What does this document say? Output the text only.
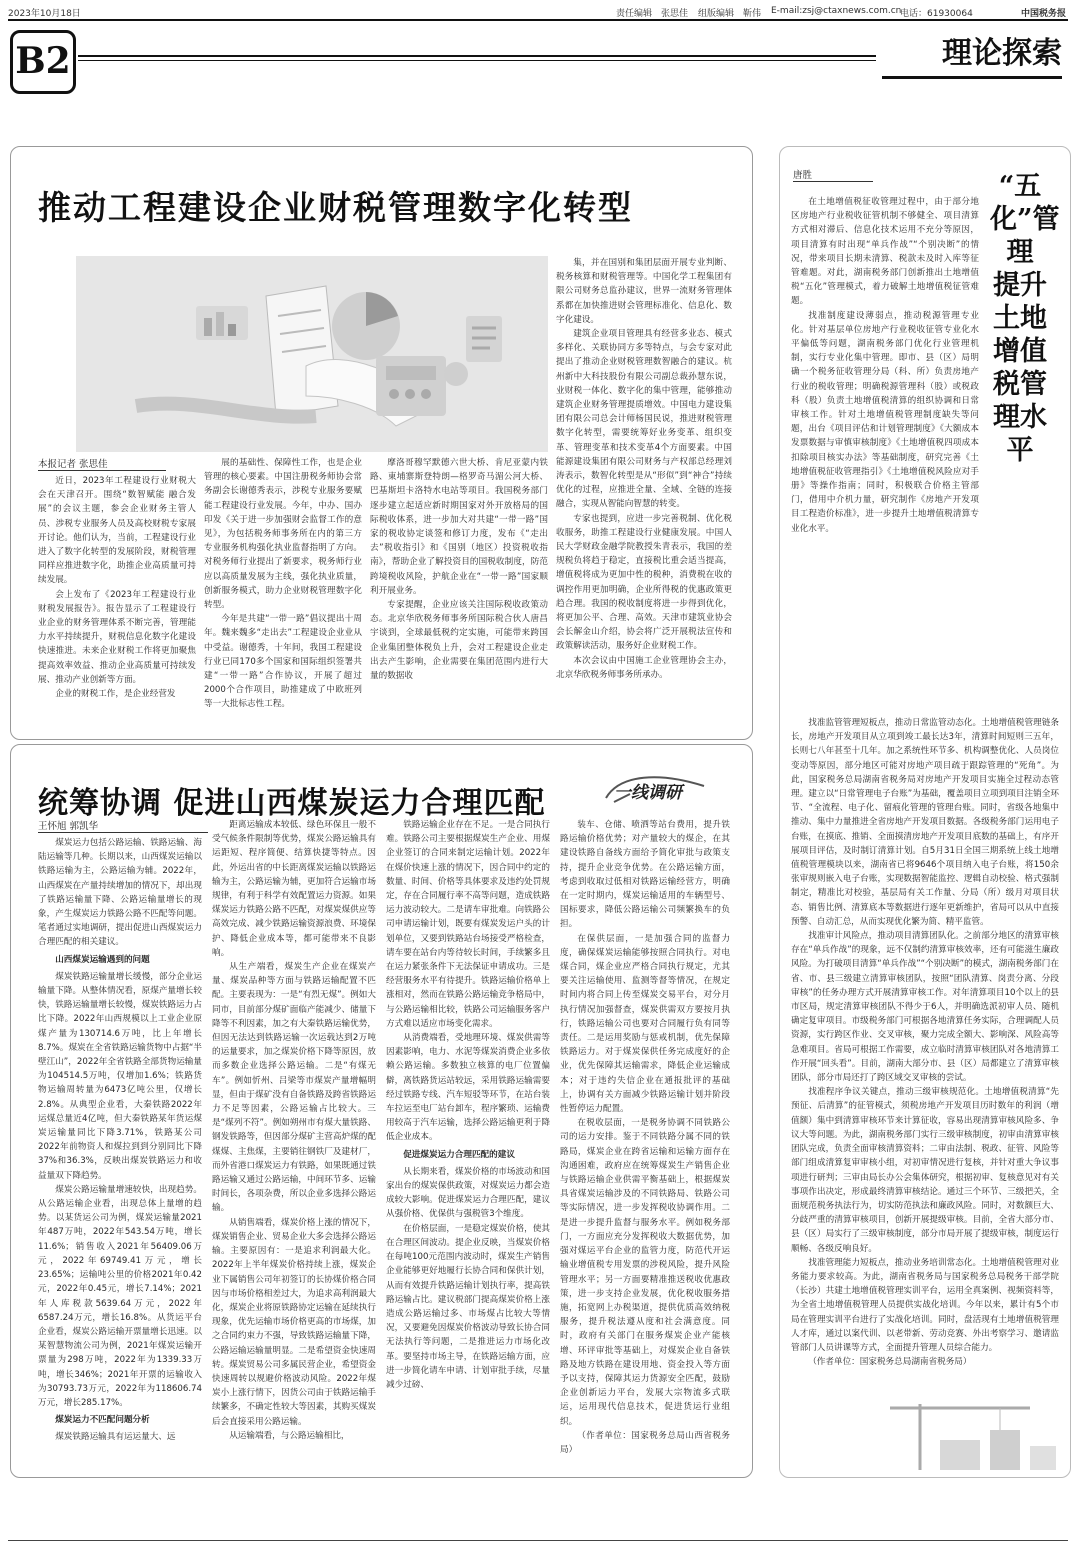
2023年10月18日	责任编辑　张思佳 组版编辑　靳伟 E-mail:zsj@ctaxnews.com.cn
电话：61930064	中国税务报
B2	理论探索
推动工程建设企业财税管理数字化转型
本报记者 张思佳

近日，2023年工程建设行业财税大会在天津召开。围绕“数智赋能 融合发展”的会议主题，参会企业财务主管人员、涉税专业服务人员及高校财税专家展开讨论。他们认为，当前，工程建设行业进入了数字化转型的发展阶段，财税管理同样应推进数字化，助推企业高质量可持续发展。

会上发布了《2023年工程建设行业财税发展报告》。报告显示了工程建设行业企业的财务管理体系不断完善，管理能力水平持续提升，财税信息化数字化建设快速推进。未来企业财税工作将更加聚焦提高效率效益、推动企业高质量可持续发展、推动产业创新等方面。

企业的财税工作，是企业经营发

展的基础性、保障性工作，也是企业管理的核心要素。中国注册税务师协会常务副会长谢德秀表示，涉税专业服务要赋能工程建设行业发展。今年，中办、国办印发《关于进一步加强财会监督工作的意见》，为包括税务师事务所在内的第三方专业服务机构强化执业监督指明了方向。对税务师行业提出了新要求，税务师行业应以高质量发展为主线，强化执业质量，创新服务模式，助力企业财税管理数字化转型。

今年是共建“一带一路”倡议提出十周年。魏来魏多“走出去”工程建设企业业从中受益。谢德秀，十年间，我国工程建设行业已同170多个国家和国际组织签署共建“一带一路”合作协议，开展了超过2000个合作项目，助推建成了中欧班列等一大批标志性工程。

摩洛哥穆罕默德六世大桥、肯尼亚蒙内铁路、東埔寨斯登特朗—格罗奇马湄公河大桥、巴基斯坦卡洛特水电站等项目。我国税务部门逐步建立起适应新时期国家对外开放格局的国际税收体系，进一步加大对共建“一带一路”国家的税收协定谈签和修订力度，发布《“走出去”税收指引》和《国别（地区）投资税收指南》，帮助企业了解投资目的国税收制度，防范跨境税收风险，护航企业在“一带一路”国家顺利开展业务。

专家提醒，企业应该关注国际税收政策动态。北京华欣税务师事务所国际税合伙人唐昌宇谈到，全球最低税约定实施，可能带来跨国企业集团整体税负上升，会对工程建设企业走出去产生影响，企业需要在集团范围内进行大量的数据收

集，并在国别和集团层面开展专业判断、税务核算和财税管理等。中国化学工程集团有限公司财务总监孙建议，世界一流财务管理体系都在加快推进财会管理标准化、信息化、数字化建设。

建筑企业项目管理具有经营多业态、模式多样化、关联协同方多等特点，与会专家对此提出了推动企业财税管理数智融合的建议。杭州新中大科技股份有限公司副总裁孙慧东说，业财税一体化、数字化的集中管理，能够推动建筑企业财务管理提质增效。中国电力建设集团有限公司总会计师杨国民说，推进财税管理数字化转型，需要统筹好业务变革、组织变革、管理变革和技术变革4个方面要素。中国能源建设集团有限公司财务与产权部总经理刘涛表示，数智化转型是从“形似”到“神合”持续优化的过程，应推进全量、全域、全链的连接融合，实现从智能向智慧的转变。

专家也提到，应进一步完善税制、优化税收服务，助推工程建设行业健康发展。中国人民大学财政金融学院教授朱青表示，我国的差规税负将趋于稳定，直接税比重会适当提高，增值税将成为更加中性的税种，消费税在收的调控作用更加明确，企业所得税的优惠政策更趋合理。我国的税收制度将进一步得到优化，将更加公平、合理、高效。天津市建筑业协会会长解金山介绍，协会将广泛开展税法宣传和政策解读活动，服务好企业财税工作。

本次会议由中国施工企业管理协会主办，北京华欣税务师事务所承办。

统筹协调 促进山西煤炭运力合理匹配	一线调研
王怀旭 郭凯华

煤炭运力包括公路运输、铁路运输、海陆运输等几种。长期以来，山西煤炭运输以铁路运输为主，公路运输为辅。2022年，山西煤炭在产量持续增加的情况下，却出现了铁路运输量下降、公路运输量增长的现象，产生煤炭运力铁路公路不匹配等问题。笔者通过实地调研，提出促进山西煤炭运力合理匹配的相关建议。

山西煤炭运输遇到的问题

煤炭铁路运输量增长缓慢，部分企业运输量下降。从整体情况看，原煤产量增长较快，铁路运输量增长较慢，煤炭铁路运力占比下降。2022年山西规模以上工业企业原煤产量为130714.6万吨，比上年增长8.7%。煤炭在全省铁路运输货物中占据“半壁江山”，2022年全省铁路全部货物运输量为104514.5万吨，仅增加1.6%；铁路货物运输周转量为6473亿吨公里，仅增长2.8%。从典型企业看，大秦铁路2022年运煤总量近4亿吨，但大秦铁路某年货运煤炭运输量同比下降3.71%，铁路某公司2022年前物资人和煤拉到到分别同比下降37%和36.3%，反映出煤炭铁路运力和收益量双下降趋势。

煤炭公路运输量增速较快，出现趋势。从公路运输企业看，出现总体上量增的趋势。以某货运公司为例，煤炭运输量2021年487万吨，2022年543.54万吨，增长11.6%；销售收入2021年56409.06万元，2022年69749.41万元，增长23.65%；运输吨公里的价格2021年0.42元，2022年0.45元，增长7.14%；2021年人库税款5639.64万元，2022年6587.24万元，增长16.8%。从货运平台企业看，煤炭公路运输开票量增长迅速。以某智慧物流公司为例，2021年煤炭运输开票量为298万吨，2022年为1339.33万吨，增长346%；2021年开票的运输收入为30793.73万元，2022年为118606.74万元，增长285.17%。

煤炭运力不匹配问题分析

煤炭铁路运输具有运运量大、远

距离运输成本较低、绿色环保且一般不受气候条件限制等优势，煤炭公路运输具有运距短、程序简便、结算快捷等特点。因此，外运出省的中长距离煤炭运输以铁路运输为主，公路运输为辅，更加符合运输市场规律，有利于科学有效配置运力资源。如果煤炭运力铁路公路不匹配，对煤炭煤供应等高效完成、减少铁路运输资源浪费、环境保护、降低企业成本等，都可能带来不良影响。

从生产端看，煤炭生产企业在煤炭产量、煤炭品种等方面与铁路运输配置不匹配。主要表现为：一是“有烈无煤”。例如大同市，目前部分煤矿面临产能减少、储量下降等不利因素，加之有大秦铁路运输优势，但因无法达到铁路运输一次运载达到2万吨的运量要求，加之煤炭价格下降等原因，放而多数企业选择公路运输。二是“有煤无车”。例如忻州、吕梁等市煤炭产量增幅明显，但由于煤矿没有自备铁路及跨省铁路运力不足等因素，公路运输占比较大。三是“煤列不符”。例如朔州市有煤大量铁路、钢发铁路等，但因部分煤矿主营高炉煤的配煤煤、主焦煤，主要销往钢铁厂及建材厂，而外省港口煤炭运力有铁路，如果既通过铁路运输又通过公路运输，中间环节多、运输时间长，各项杂费，所以企业多选择公路运输。

从销售端看，煤炭价格上涨的情况下，煤炭销售企业、贸易企业大多会选择公路运输。主要原因有：一是追求利润最大化。2022年上半年煤炭价格持续上涨，煤炭企业下属销售公司年初签订的长协煤价格合同因与市场价格相差过大，为追求高利润最大化，煤炭企业将原铁路协定运输在延续执行现象，优先运输市场价格更高的市场煤，加之合同约束力不强，导致铁路运输量下降，公路运输运输量明显。二是希望资金快速周转。煤炭贸易公司多属民营企业，希望资金快速周转以规避价格波动风险。2022年煤炭小上涨行情下，因货公司由于铁路运输手续繁多，不确定性较大等因素，其购买煤炭后会直接采用公路运输。

从运输端看，与公路运输相比，

铁路运输企业存在不足。一是合同执行难。铁路公司主要根据煤炭生产企业、用煤企业签订的合同来制定运输计划。2022年在煤价快速上涨的情况下，因合同中约定的数量、时间、价格等具体要求及违约处罚规定，存在合同履行率不高等问题，造成铁路运力波动较大。二是请车审批难。向铁路公司申请运输计划，既要有煤炭发运户头的计划单位，又要到铁路站台场接受严格检查，请车要在站台内等待较长时间，手续繁多且在运力紧张条件下无法保证申请成功。三是经营服务水平有待提升。铁路运输价格单上涨相对，然而在铁路公路运输竞争格局中，与公路运输相比较，铁路公司运输服务客户方式难以适应市场变化需求。

从消费端看，受地理环境、煤炭供需等因素影响，电力、水泥等煤炭消费企业多依赖公路运输。多数独立核算的电厂位置偏僻，离铁路货运站较远，采用铁路运输需要经过铁路专线、汽车短驳等环节，在站台装车拉运至电厂站台卸车，程序繁琐、运输费用较高于汽车运输，选择公路运输更利于降低企业成本。

促进煤炭运力合理匹配的建议

从长期来看，煤炭价格的市场波动和国家出台的煤炭保供政策，对煤炭运力都会造成较大影响。促进煤炭运力合理匹配，建议从强价格、优保供与强税管3个维度。

在价格层面，一是稳定煤炭价格，使其在合理区间波动。提企业反映，当煤炭价格在每吨100元范围内波动时，煤炭生产销售企业能够更好地履行长协合同和保供计划，从而有效提升铁路运输计划执行率，提高铁路运输占比。建议税部门提高煤炭价格上涨造成公路运输过多、市场煤占比较大等情况，又要避免因煤炭价格波动导致长协合同无法执行等问题，二是推进运力市场化改革。要坚持市场主导，在铁路运输方面，应进一步简化请车申请、计划审批手续，尽量减少过磅、

装车、仓储、喷洒等站台费用，提升铁路运输价格优势；对产量较大的煤企，在其建设铁路自备线方面给予简化审批与政策支持，提升企业竞争优势。在公路运输方面，考虑到收取过低相对铁路运输经营方，明确在一定时期内，煤炭运输适用的车辆型号、国标要求，降低公路运输公司频繁换车的负担。

在保供层面，一是加强合同的监督力度，确保煤炭运输能够按照合同执行。对电煤合同，煤企业应严格合同执行规定，尤其要关注运输使用、监测等督等情况，在规定时间内将合同上传至煤炭交易平台，对分月执行情况加强督查，煤炭供需双方要按月执行，铁路运输公司也要对合同履行负有同等责任。二是运用奖励与惩戒机制，优先保障铁路运力。对于煤炭保供任务完成度好的企业，优先保障其运输需求，降低企业运输成本；对于违约失信企业在通报批评的基础上，协调有关方面减少铁路运输计划并阶段性暂停运力配置。

在税收层面，一是税务协调不同铁路公司的运力安排。鉴于不同铁路分属不同的铁路局，煤炭企业在跨省运输和运输方面存在沟通困难，政府应在统筹煤炭生产销售企业与铁路运输企业供需平衡基础上，根据煤炭具省煤炭运输涉及的不同铁路局、铁路公司等实际情况，进一步发挥税收协调作用。二是进一步提升监督与服务水平。例如税务部门，一方面应充分发挥税收大数据优势，加强对煤运平台企业的监管力度，防范代开运输业增值税专用发票的涉税风险，提升风险管理水平；另一方面要精准推送税收优惠政策，进一步支持企业发展，优化税收服务措施，拓宽网上办税渠道，提供优质高效纳税服务，提升税法遵从度和社会满意度。同时，政府有关部门在服务煤炭企业产能核增、环评审批等基础上，对煤炭企业自备铁路及地方铁路在建设用地、资金投入等方面予以支持，保障其运力货源安全匹配，鼓励企业创新运力平台，发展大宗物流多式联运，运用现代信息技术，促进货运行业组织。

（作者单位：国家税务总局山西省税务局）

唐胜	“五化”管理 提升土地增值税管理水平

在土地增值税征收管理过程中，由于部分地区房地产行业税收征管机制不够健全、项目清算方式相对滞后、信息化技术运用不充分等原因，项目清算有时出现“单兵作战”“个别决断”的情况，带来项目长期未清算、税款未及时入库等征管难题。对此，湖南税务部门创新推出土地增值税“五化”管理模式，着力破解土地增值税征管难题。

找准制度建设薄弱点，推动税源管理专业化。针对基层单位房地产行业税收征管专业化水平偏低等问题，湖南税务部门优化行业管理机制，实行专业化集中管理。即市、县（区）局明确一个税务征收管理分局（科、所）负责房地产行业的税收管理；明确税源管理科（股）或税政科（股）负责土地增值税清算的组织协调和日常审核工作。针对土地增值税管理制度缺失等问题，出台《项目评估和计划管理制度》《大额成本发票数据与审慎审核制度》《土地增值税四项成本扣除项目核实办法》等基础制度，研究完善《土地增值税征收管理指引》《土地增值税风险应对手册》等操作指南；同时，积极联合价格主管部门，借用中介机力量，研究制作《房地产开发项目工程造价标准》，进一步提升土地增值税清算专业化水平。

找准监管管理短板点，推动日常监管动态化。土地增值税管理链条长，房地产开发项目从立项到竣工最长达3年，清算时间短则三五年，长则七八年甚至十几年。加之系统性环节多、机构调整优化、人员岗位变动等原因，部分地区可能对房地产项目疏于跟踪管理的“死角”。为此，国家税务总局湖南省税务局对房地产开发项目实施全过程动态管理。建立以“日常管理电子台账”为基础，覆盖项目立项到项目注销全环节、“全流程、电子化、留痕化管理的管理台账。同时，省级各地集中推动、集中力量推进全省房地产开发项目数据。各级税务部门运用电子台账，在摸底、推销、全面摸清房地产开发项目底数的基础上，有序开展项目评估，及时制订清算计划。自5月31日全国三期系统上线土地增值税管理模块以来，湖南省已将9646个项目纳入电子台账，将150余张审规则嵌入电子台账，实现数据智能监控、逻辑自动校验、格式强制制定，精准比对校验，基层局有关工作量、分局（所）级月对项目状态、销售比例、清算底本等数据进行逐年更新维护，省局可以从中直接预警、自动汇总，从而实现优化繁为简、精平监管。

找准审计风险点，推动项目清算团队化。之前部分地区的清算审核存在“单兵作战”的现象，远不仅制约清算审核效率，还有可能滋生廉政风险。为打破项目清算“单兵作战”“个别决断”的模式，湖南税务部门在省、市、县三级建立清算审核团队，按照“团队清算、岗责分离、分段审核”的任务办理方式开展清算审核工作。对年清算项目10个以上的县市区局，规定清算审核团队不得少于6人，并明确选派初审人员、随机确定复审项目。市级税务部门可根据各地清算任务实际，合理调配人员资源，实行跨区作业、交叉审核，聚力完成全额大、影响深、风险高等急难项目。省局可根据工作需要，成立临时清算审核团队对各地清算工作开展“回头看”。目前，湖南大部分市、县（区）局都建立了清算审核团队，部分市局还打了跨区域交叉审核的尝试。

找准程序争议关键点，推动三级审核规范化。土地增值税清算“先预征、后清算”的征管模式，须税房地产开发项目历时数年的利润（增值额）集中到清算审核环节来计算征收，容易出现清算审核风险多、争议大等问题。为此，湖南税务部门实行三级审核制度，初审由清算审核团队完成，负责全面审核清算资料；二审由法制、税政、征管、风险等部门组成清算复审审核小组，对初审情况进行复核，并针对重大争议事项进行研判；三审由局长办公会集体研究，根据初审、复核意见对有关事项作出决定，形成最终清算审核结论。通过三个环节、三级把关，全面规范税务执法行为，切实防范执法和廉政风险。同时，对数额巨大、分歧严重的清算审核项目，创新开展提级审核。目前，全省大部分市、县（区）局实行了三级审核制度，部分市局开展了提级审核，制度运行顺畅、各级反响良好。

找准管理能力短板点，推动业务培训常态化。土地增值税管理对业务能力要求较高。为此，湖南省税务局与国家税务总局税务干部学院（长沙）共建土地增值税管理实训平台，运用全真案例、视频资料等，为全省土地增值税管理人员提供实战化培训。今年以来，累计有5个市局在管理实训平台进行了实战化培训。同时，盘活现有土地增值税管理人才库，通过以案代训、以老带新、劳动竞赛、外出考察学习、邀请监管部门人员讲课等方式，全面提升管理人员综合能力。

（作者单位：国家税务总局湖南省税务局）
